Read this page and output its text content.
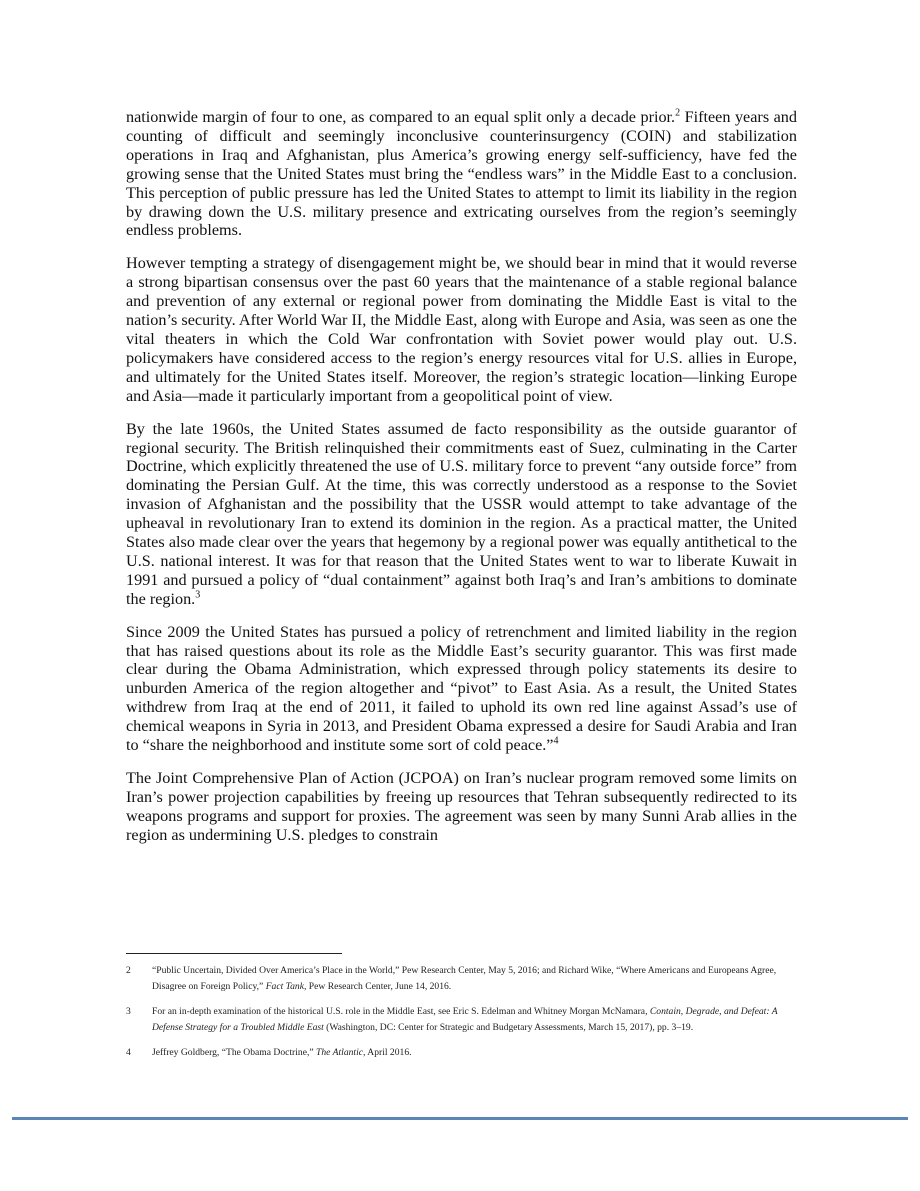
nationwide margin of four to one, as compared to an equal split only a decade prior.$^2$ Fifteen years and counting of difficult and seemingly inconclusive counterinsurgency (COIN) and stabilization operations in Iraq and Afghanistan, plus America’s growing energy self-sufficiency, have fed the growing sense that the United States must bring the “endless wars” in the Middle East to a conclusion. This perception of public pressure has led the United States to attempt to limit its liability in the region by drawing down the U.S. military presence and extricating ourselves from the region’s seemingly endless problems.

However tempting a strategy of disengagement might be, we should bear in mind that it would reverse a strong bipartisan consensus over the past 60 years that the maintenance of a stable regional balance and prevention of any external or regional power from dominating the Middle East is vital to the nation’s security. After World War II, the Middle East, along with Europe and Asia, was seen as one the vital theaters in which the Cold War confrontation with Soviet power would play out. U.S. policymakers have considered access to the region’s energy resources vital for U.S. allies in Europe, and ultimately for the United States itself. Moreover, the region’s strategic location—linking Europe and Asia—made it particularly important from a geopolitical point of view.

By the late 1960s, the United States assumed de facto responsibility as the outside guarantor of regional security. The British relinquished their commitments east of Suez, culminating in the Carter Doctrine, which explicitly threatened the use of U.S. military force to prevent “any outside force” from dominating the Persian Gulf. At the time, this was correctly understood as a response to the Soviet invasion of Afghanistan and the possibility that the USSR would attempt to take advantage of the upheaval in revolutionary Iran to extend its dominion in the region. As a practical matter, the United States also made clear over the years that hegemony by a regional power was equally antithetical to the U.S. national interest. It was for that reason that the United States went to war to liberate Kuwait in 1991 and pursued a policy of “dual containment” against both Iraq’s and Iran’s ambitions to dominate the region.$^3$

Since 2009 the United States has pursued a policy of retrenchment and limited liability in the region that has raised questions about its role as the Middle East’s security guarantor. This was first made clear during the Obama Administration, which expressed through policy statements its desire to unburden America of the region altogether and “pivot” to East Asia. As a result, the United States withdrew from Iraq at the end of 2011, it failed to uphold its own red line against Assad’s use of chemical weapons in Syria in 2013, and President Obama expressed a desire for Saudi Arabia and Iran to “share the neighborhood and institute some sort of cold peace.”$^4$

The Joint Comprehensive Plan of Action (JCPOA) on Iran’s nuclear program removed some limits on Iran’s power projection capabilities by freeing up resources that Tehran subsequently redirected to its weapons programs and support for proxies. The agreement was seen by many Sunni Arab allies in the region as undermining U.S. pledges to constrain

2	“Public Uncertain, Divided Over America’s Place in the World,” Pew Research Center, May 5, 2016; and Richard Wike, “Where Americans and Europeans Agree, Disagree on Foreign Policy,” Fact Tank, Pew Research Center, June 14, 2016.
3	For an in-depth examination of the historical U.S. role in the Middle East, see Eric S. Edelman and Whitney Morgan McNamara, Contain, Degrade, and Defeat: A Defense Strategy for a Troubled Middle East (Washington, DC: Center for Strategic and Budgetary Assessments, March 15, 2017), pp. 3–19.
4	Jeffrey Goldberg, “The Obama Doctrine,” The Atlantic, April 2016.
